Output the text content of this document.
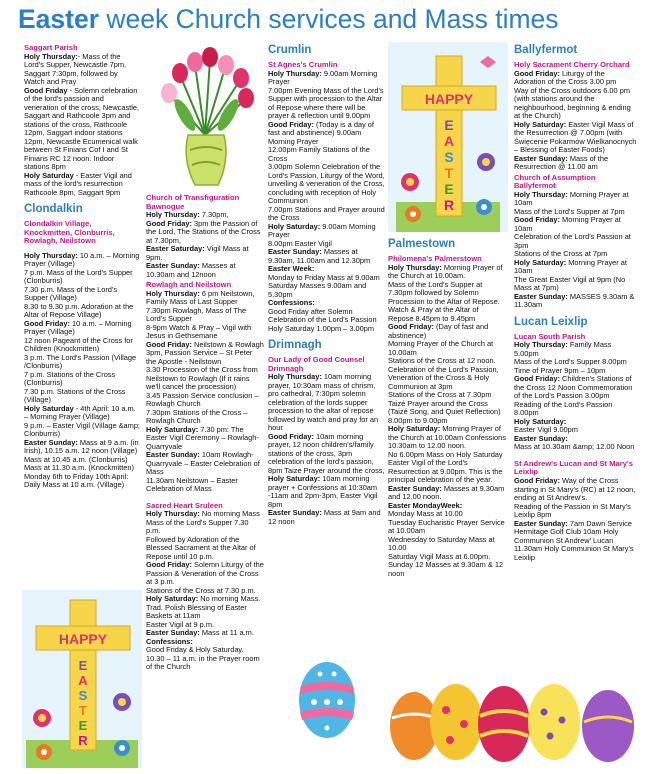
Easter week Church services and Mass times

Saggart Parish

Holy Thursday:- Mass of the Lord's Supper, Newcastle 7pm, Saggart 7:30pm, followed by Watch and Pray

Good Friday - Solemn celebration of the lord's passion and veneration of the cross, Newcastle, Saggart and Rathcoole 3pm and stations of the cross, Rathcoole 12pm, Saggart indoor stations 12pm, Newcastle Ecumenical walk between St Finians Cof I and St Finians RC 12 noon. Indoor stations 8pm

Holy Saturday - Easter Vigil and mass of the lord's resurrection Rathcoole 8pm, Saggart 9pm

Clondalkin

Clondalkin Village, Knockmitten, Clonburris, Rowlagh, Neilstown

Holy Thursday: 10 a.m. – Morning Prayer (Village)

7 p.m. Mass of the Lord's Supper (Clonburris)

7.30 p.m. Mass of the Lord's Supper (Village)

8.30 to 9.30 p.m. Adoration at the Altar of Repose Village)

Good Friday: 10 a.m. – Morning Prayer (Village)

12 noon Pageant of the Cross for Children (Knockmitten)

3 p.m. The Lord's Passion (Village /Clonburris)

7 p.m. Stations of the Cross (Clonburris)

7.30 p.m. Stations of the Cross (Village)

Holy Saturday - 4th April: 10 a.m. – Morning Prayer (Village)

9 p.m. – Easter Vigil (Village &amp; Clonburris)

Easter Sunday: Mass at 9 a.m. (in Irish), 10.15 a.m. 12 noon (Village)

Mass at 10.45 a.m. (Clonburris)

Mass at 11.30 a.m. (Knockmitten)

Monday 6th to Friday 10th April: Daily Mass at 10 a.m. (Village)

Church of Transfiguration Bawnogue

Holy Thursday: 7.30pm,

Good Friday: 3pm the Passion of the Lord, The Stations of the Cross at 7.30pm,

Easter Saturday: Vigil Mass at 9pm.

Easter Sunday: Masses at 10.30am and 12noon

Rowlagh and Neilstown

Holy Thursday: 6 pm Neilstown, Family Mass of Last Supper

7.30pm Rowlagh, Mass of The Lord's Supper

8-9pm Watch & Pray – Vigil with Jesus in Gethsemane

Good Friday: Neilstown & Rowlagh 3pm, Passion Service – St Peter the Apostle - Neilstown

3.30 Procession of the Cross from Neilstown to Rowlagh (If it rains we'll cancel the procession)

3.45 Passion Service conclusion – Rowlagh Church

7.30pm Stations of the Cross – Rowlagh Church

Holy Saturday: 7.30 pm: The Easter Vigil Ceremony – Rowlagh-Quarryvale

Easter Sunday: 10am Rowlagh-Quarryvale – Easter Celebration of Mass

11.30am Neilstown – Easter Celebration of Mass

Sacred Heart Sruleen

Holy Thursday: No morning Mass

Mass of the Lord's Supper 7.30 p.m.

Followed by Adoration of the Blessed Sacrament at the Altar of Repose until 10 p.m.

Good Friday: Solemn Liturgy of the Passion & Veneration of the Cross at 3 p.m.

Stations of the Cross at 7.30 p.m.

Holy Saturday: No morning Mass.

Trad. Polish Blessing of Easter Baskets at 11am

Easter Vigil at 9 p.m.

Easter Sunday: Mass at 11 a.m.

Confessions:

Good Friday & Holy Saturday. 10.30 – 11 a.m. in the Prayer room of the Church

Crumlin

St Agnes's Crumlin

Holy Thursday: 9.00am Morning Prayer

7.00pm Evening Mass of the Lord's Supper with procession to the Altar of Repose where there will be prayer & reflection until 9.00pm

Good Friday: (Today is a day of fast and abstinence) 9.00am Morning Prayer

12.00pm Family Stations of the Cross

3.00pm Solemn Celebration of the Lord's Passion, Liturgy of the Word, unveiling & veneration of the Cross, concluding with reception of Holy Communion

7.00pm Stations and Prayer around the Cross

Holy Saturday: 9.00am Morning Prayer

8.00pm Easter Vigil

Easter Sunday: Masses at 9.30am, 11.00am and 12.30pm

Easter Week:

Monday to Friday Mass at 9.00am

Saturday Masses 9.00am and 5.30pm

Confessions:

Good Friday after Solemn Celebration of the Lord's Passion

Holy Saturday 1.00pm – 3.00pm

Drimnagh

Our Lady of Good Counsel Drimnagh

Holy Thursday: 10am morning prayer, 10:30am mass of chrism, pro cathedral, 7:30pm solemn celebration of the lords supper procession to the altar of repose followed by watch and pray for an hour

Good Friday: 10am morning prayer, 12 noon children's/family stations of the cross, 3pm celebration of the lord's passion, 8pm Taize Prayer around the cross,

Holy Saturday: 10am morning prayer + Confessions at 10:30am -11am and 2pm-3pm, Easter Vigil 8pm

Easter Sunday: Mass at 9am and 12 noon

Palmestown

Philomena's Palmerstown

Holy Thursday: Morning Prayer of the Church at 10.00am.

Mass of the Lord's Supper at 7.30pm followed by Solemn Procession to the Altar of Repose. Watch & Pray at the Altar of Repose 8.45pm to 9.45pm

Good Friday: (Day of fast and abstinence)

Morning Prayer of the Church at 10.00am

Stations of the Cross at 12 noon.

Celebration of the Lord's Passion, Veneration of the Cross & Holy Communion at 3pm

Stations of the Cross at 7.30pm

Taizé Prayer around the Cross (Taizé Song, and Quiet Reflection) 8.00pm to 9.00pm

Holy Saturday: Morning Prayer of the Church at 10.00am Confessions 10.30am to 12.00 noon.

No 6.00pm Mass on Holy Saturday Easter Vigil of the Lord's Resurrection at 9.00pm. This is the principal celebration of the year.

Easter Sunday: Masses at 9.30am and 12.00 noon.

Easter MondayWeek:

Monday Mass at 10.00

Tuesday Eucharistic Prayer Service at 10.00am

Wednesday to Saturday Mass at 10.00

Saturday Vigil Mass at 6.00pm.

Sunday 12 Masses at 9.30am & 12 noon

Ballyfermot

Holy Sacrament Cherry Orchard

Good Friday: Liturgy of the Adoration of the Cross 3.00 pm

Way of the Cross outdoors 6.00 pm (with stations around the neighbourhood, beginning & ending at the Church)

Holy Saturday: Easter Vigil Mass of the Resurrection @ 7.00pm (with Święcenie Pokarmów Wielkanocnych – Blessing of Easter Foods)

Easter Sunday: Mass of the Resurrection @ 11.00 am

Church of Assumption Ballyfermot

Holy Thursday: Morning Prayer at 10am

Mass of the Lord's Supper at 7pm

Good Friday: Morning Prayer at 10am

Celebration of the Lord's Passion at 3pm

Stations of the Cross at 7pm

Holy Saturday: Morning Prayer at 10am

The Great Easter Vigil at 9pm (No Mass at 7pm)

Easter Sunday: MASSES 9.30am & 11.30am

Lucan Leixlip

Lucan South Parish

Holy Thursday: Family Mass 5.00pm

Mass of the Lord's Supper 8.00pm

Time of Prayer 9pm – 10pm

Good Friday: Children's Stations of the Cross 12 Noon Commemoration of the Lord's Passion 3.00pm

Reading of the Lord's Passion 8.00pm

Holy Saturday:

Easter Vigil 9.00pm

Easter Sunday:

Mass at 10.30am &amp; 12.00 Noon

St Andrew's Lucan and St Mary's Leixlip

Good Friday: Way of the Cross starting in St Mary's (RC) at 12 noon, ending at St Andrew's.

Reading of the Passion in St Mary's Leixlip 8pm

Easter Sunday: 7am Dawn Service Hermitage Golf Club 10am Holy Communion St Andrew' Lucan

11.30am Holy Communion St Mary's Leixlip

HAPPY
E
A
S
T
E
R
HAPPY
E
A
S
T
E
R
